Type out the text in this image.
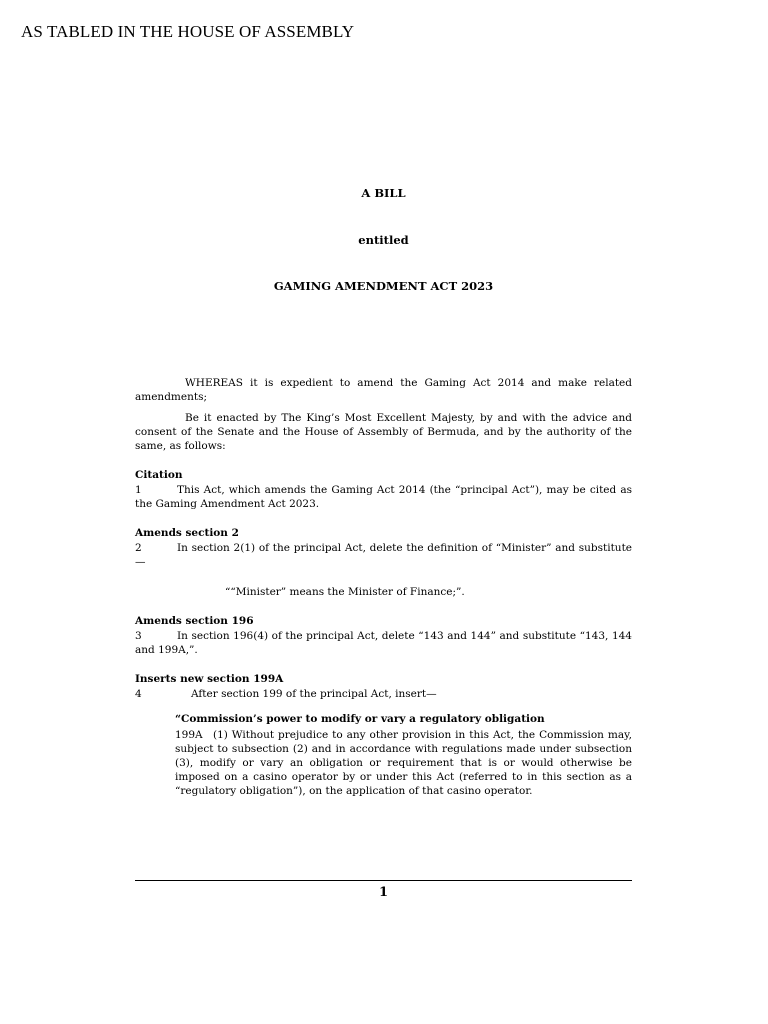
AS TABLED IN THE HOUSE OF ASSEMBLY
A BILL
entitled
GAMING AMENDMENT ACT 2023

WHEREAS it is expedient to amend the Gaming Act 2014 and make related amendments;

Be it enacted by The King’s Most Excellent Majesty, by and with the advice and consent of the Senate and the House of Assembly of Bermuda, and by the authority of the same, as follows:

Citation

1	This Act, which amends the Gaming Act 2014 (the “principal Act”), may be cited as the Gaming Amendment Act 2023.

Amends section 2

2	In section 2(1) of the principal Act, delete the definition of “Minister” and substitute—

““Minister” means the Minister of Finance;”.
Amends section 196

3	In section 196(4) of the principal Act, delete “143 and 144” and substitute “143, 144 and 199A,”.

Inserts new section 199A

4	After section 199 of the principal Act, insert—

“Commission’s power to modify or vary a regulatory obligation

199A (1) Without prejudice to any other provision in this Act, the Commission may, subject to subsection (2) and in accordance with regulations made under subsection (3), modify or vary an obligation or requirement that is or would otherwise be imposed on a casino operator by or under this Act (referred to in this section as a “regulatory obligation”), on the application of that casino operator.

1
